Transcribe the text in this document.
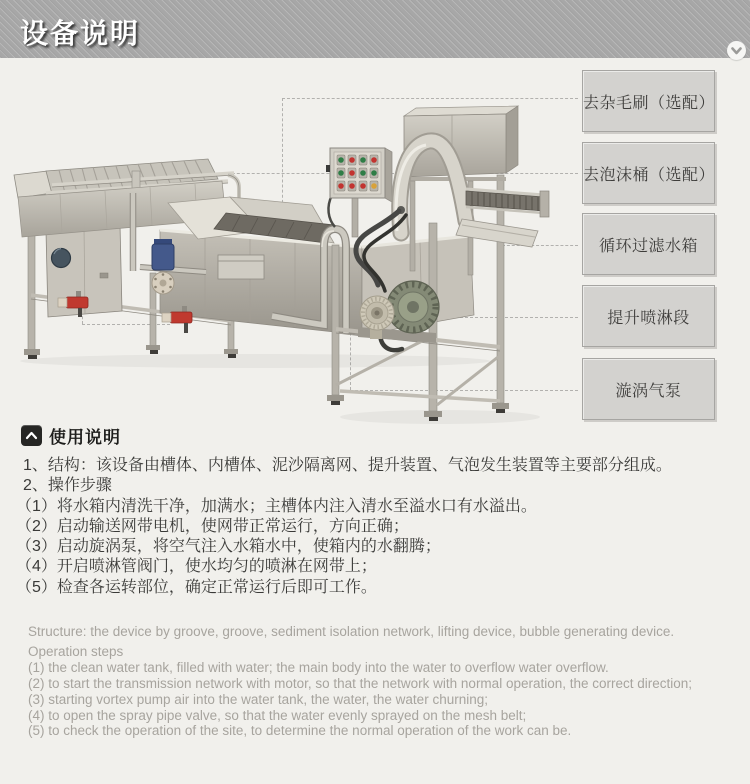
设备说明
去杂毛刷（选配）
去泡沫桶（选配）
循环过滤水箱
提升喷淋段
漩涡气泵
使用说明
1、结构：该设备由槽体、内槽体、泥沙隔离网、提升装置、气泡发生装置等主要部分组成。
2、操作步骤
（1）将水箱内清洗干净，加满水；主槽体内注入清水至溢水口有水溢出。
（2）启动输送网带电机，使网带正常运行，方向正确；
（3）启动旋涡泵，将空气注入水箱水中，使箱内的水翻腾；
（4）开启喷淋管阀门，使水均匀的喷淋在网带上；
（5）检查各运转部位，确定正常运行后即可工作。
Structure: the device by groove, groove, sediment isolation network, lifting device, bubble generating device.
Operation steps
(1) the clean water tank, filled with water; the main body into the water to overflow water overflow.
(2) to start the transmission network with motor, so that the network with normal operation, the correct direction;
(3) starting vortex pump air into the water tank, the water, the water churning;
(4) to open the spray pipe valve, so that the water evenly sprayed on the mesh belt;
(5) to check the operation of the site, to determine the normal operation of the work can be.
